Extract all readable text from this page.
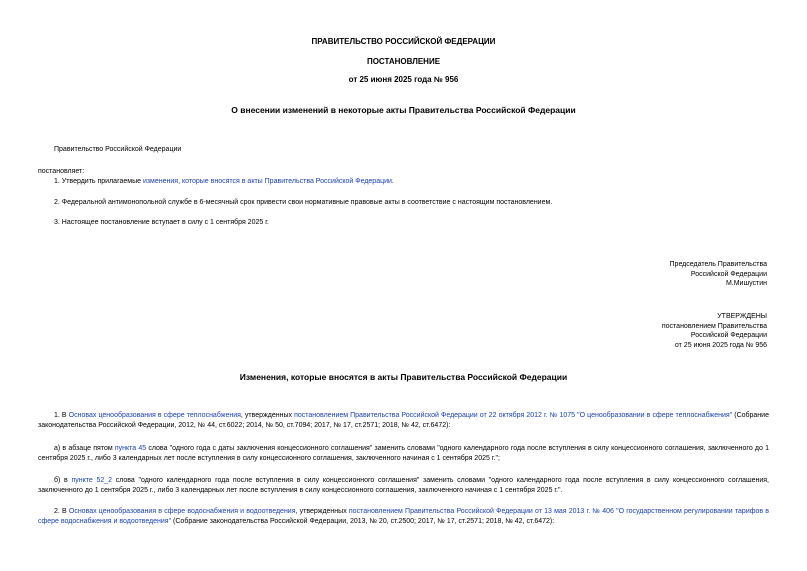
ПРАВИТЕЛЬСТВО РОССИЙСКОЙ ФЕДЕРАЦИИ
ПОСТАНОВЛЕНИЕ
от 25 июня 2025 года № 956
О внесении изменений в некоторые акты Правительства Российской Федерации
Правительство Российской Федерации
постановляет:
1. Утвердить прилагаемые изменения, которые вносятся в акты Правительства Российской Федерации.
2. Федеральной антимонопольной службе в 6-месячный срок привести свои нормативные правовые акты в соответствие с настоящим постановлением.
3. Настоящее постановление вступает в силу с 1 сентября 2025 г.
Председатель Правительства
Российской Федерации
М.Мишустин
УТВЕРЖДЕНЫ
постановлением Правительства
Российской Федерации
от 25 июня 2025 года № 956
Изменения, которые вносятся в акты Правительства Российской Федерации
1. В Основах ценообразования в сфере теплоснабжения, утвержденных постановлением Правительства Российской Федерации от 22 октября 2012 г. № 1075 "О ценообразовании в сфере теплоснабжения" (Собрание законодательства Российской Федерации, 2012, № 44, ст.6022; 2014, № 50, ст.7094; 2017, № 17, ст.2571; 2018, № 42, ст.6472):
а) в абзаце пятом пункта 45 слова "одного года с даты заключения концессионного соглашения" заменить словами "одного календарного года после вступления в силу концессионного соглашения, заключенного до 1 сентября 2025 г., либо 3 календарных лет после вступления в силу концессионного соглашения, заключенного начиная с 1 сентября 2025 г.";
б) в пункте 52_2 слова "одного календарного года после вступления в силу концессионного соглашения" заменить словами "одного календарного года после вступления в силу концессионного соглашения, заключенного до 1 сентября 2025 г., либо 3 календарных лет после вступления в силу концессионного соглашения, заключенного начиная с 1 сентября 2025 г.".
2. В Основах ценообразования в сфере водоснабжения и водоотведения, утвержденных постановлением Правительства Российской Федерации от 13 мая 2013 г. № 406 "О государственном регулировании тарифов в сфере водоснабжения и водоотведения" (Собрание законодательства Российской Федерации, 2013, № 20, ст.2500; 2017, № 17, ст.2571; 2018, № 42, ст.6472):
